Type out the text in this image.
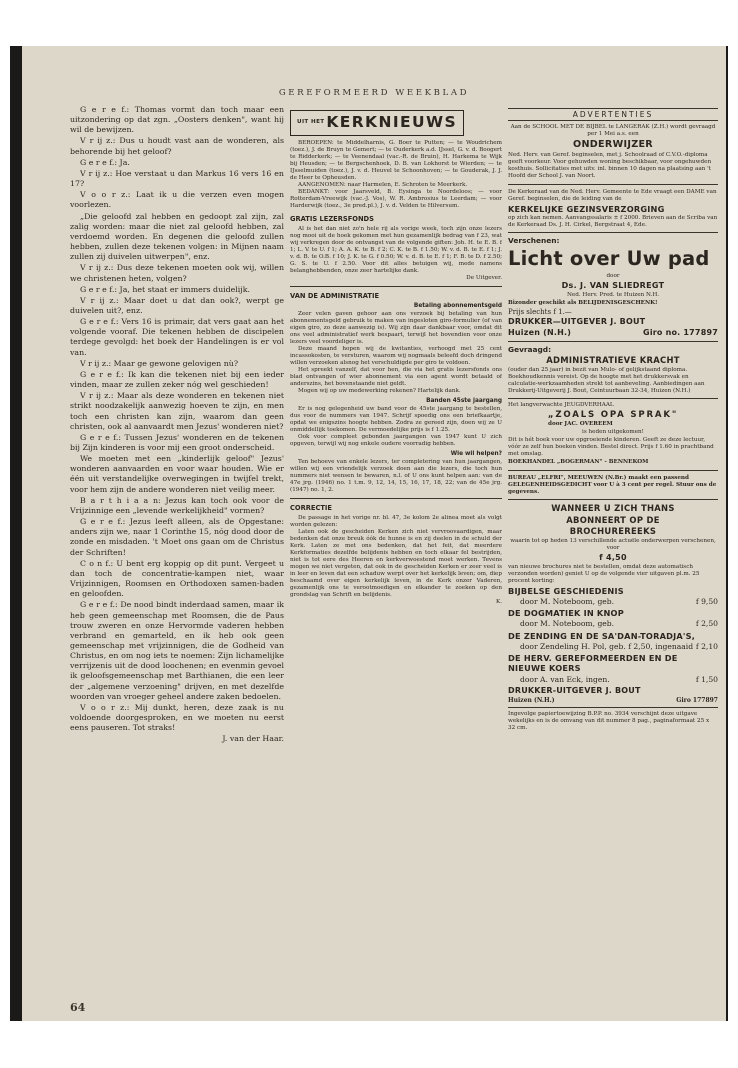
GEREFORMEERD WEEKBLAD

G e r e f.: Thomas vormt dan toch maar een uitzondering op dat zgn. „Oosters denken", want hij wil de bewijzen.

V r ij z.: Dus u houdt vast aan de wonderen, als behorende bij het geloof?

G e r e f.: Ja.

V r ij z.: Hoe verstaat u dan Markus 16 vers 16 en 17?

V o o r z.: Laat ik u die verzen even mogen voorlezen.

„Die geloofd zal hebben en gedoopt zal zijn, zal zalig worden: maar die niet zal geloofd hebben, zal verdoemd worden. En degenen die geloofd zullen hebben, zullen deze tekenen volgen: in Mijnen naam zullen zij duivelen uitwerpen", enz.

V r ij z.: Dus deze tekenen moeten ook wij, willen we christenen heten, volgen?

G e r e f.: Ja, het staat er immers duidelijk.

V r ij z.: Maar doet u dat dan ook?, werpt ge duivelen uit?, enz.

G e r e f.: Vers 16 is primair, dat vers gaat aan het volgende vooraf. Die tekenen hebben de discipelen terdege gevolgd: het boek der Handelingen is er vol van.

V r ij z.: Maar ge gewone gelovigen nù?

G e r e f.: Ik kan die tekenen niet bij een ieder vinden, maar ze zullen zeker nóg wel geschieden!

V r ij z.: Maar als deze wonderen en tekenen niet strikt noodzakelijk aanwezig hoeven te zijn, en men toch een christen kan zijn, waarom dan geen christen, ook al aanvaardt men Jezus' wonderen niet?

G e r e f.: Tussen Jezus' wonderen en de tekenen bij Zijn kinderen is voor mij een groot onderscheid.

We moeten met een „kinderlijk geloof" Jezus' wonderen aanvaarden en voor waar houden. Wie er één uit verstandelijke overwegingen in twijfel trekt, voor hem zijn de andere wonderen niet veilig meer.

B a r t h i a a n: Jezus kan toch ook voor de Vrijzinnige een „levende werkelijkheid" vormen?

G e r e f.: Jezus leeft alleen, als de Opgestane: anders zijn we, naar 1 Corinthe 15, nóg dood door de zonde en misdaden. 't Moet ons gaan om de Christus der Schriften!

C o n f.: U bent erg koppig op dit punt. Vergeet u dan toch de concentratie-kampen niet, waar Vrijzinnigen, Roomsen en Orthodoxen samen-baden en geloofden.

G e r e f.: De nood bindt inderdaad samen, maar ik heb geen gemeenschap met Roomsen, die de Paus trouw zweren en onze Hervormde vaderen hebben verbrand en gemarteld, en ik heb ook geen gemeenschap met vrijzinnigen, die de Godheid van Christus, en om nog iets te noemen: Zijn lichamelijke verrijzenis uit de dood loochenen; en evenmin gevoel ik geloofsgemeenschap met Barthianen, die een leer der „algemene verzoening" drijven, en met dezelfde woorden van vroeger geheel andere zaken bedoelen.

V o o r z.: Mij dunkt, heren, deze zaak is nu voldoende doorgesproken, en we moeten nu eerst eens pauseren. Tot straks!

J. van der Haar.

UIT HET KERKNIEUWS

BEROEPEN: te Middelharnis, G. Boer te Putten; — te Woudrichem (toez.), J. de Bruyn te Gemert; — te Ouderkerk a.d. IJssel, G. v. d. Boogert te Ridderkerk; — te Veenendaal (vac.-R. de Bruin), H. Harkema te Wijk bij Heusden; — te Bergschenhoek, D. B. van Lokhorst te Wierden; — te IJsselmuiden (toez.), J. v. d. Heuvel te Schoonhoven; — te Gouderak, J. J. de Heer te Opheusden.

AANGENOMEN: naar Harmelen, E. Schroten te Meerkerk.

BEDANKT: voor Jaarsveld, B. Eysinga te Noordeloos; — voor Rotterdam-Vreewijk (vac.-J. Vos), W. R. Ambrosius te Leerdam; — voor Harderwijk (toez., 3e pred.pl.), J. v. d. Velden te Hilversum.

GRATIS LEZERSFONDS

Al is het dan niet zo'n hele rij als vorige week, toch zijn onze lezers nog mooi uit de hoek gekomen met hun gezamenlijk bedrag van f 23, wat wij verkregen door de ontvangst van de volgende giften: Joh. H. te E. B. f 1; L. V. te U. f 1; A. A. K. te B. f 2; C. K. te B. f 1.50; W. v. d. B. te E. f 1; J. v. d. B. te O.B. f 10; J. K. te G. f 0.50; W. v. d. B. te E. f 1; F. B. te D. f 2.50; G. S. te U. f 2.50. Voor dit alles betuigen wij, mede namens belanghebbenden, onze zeer hartelijke dank.

De Uitgever.

VAN DE ADMINISTRATIE
Betaling abonnementsgeld

Zeer velen gaven gehoor aan ons verzoek bij betaling van hun abonnementsgeld gebruik te maken van ingesloten giro-formulier (of van eigen giro, zo deze aanwezig is). Wij zijn daar dankbaar voor, omdat dit ons veel administratief werk bespaart, terwijl het bovendien voor onze lezers veel voordeliger is.

Deze maand hopen wij de kwitanties, verhoogd met 25 cent incassokosten, te versturen, waarom wij nogmaals beleefd doch dringend willen verzoeken alsnog het verschuldigde per giro te voldoen.

Het spreekt vanzelf, dat voor hen, die via het gratis lezersfonds ons blad ontvangen of wier abonnement via een agent wordt betaald of anderszins, het bovenstaande niet geldt.

Mogen wij op uw medewerking rekenen? Hartelijk dank.

Banden 45ste jaargang

Er is nog gelegenheid uw band voor de 45ste jaargang te bestellen, dus voor de nummers van 1947. Schrijf spoedig ons een briefkaartje, opdat we enigszins hoogte hebben. Zodra ze gereed zijn, doen wij ze U onmiddellijk toekomen. De vermoedelijke prijs is f 1.25.

Ook voor compleet gebonden jaargangen van 1947 kunt U zich opgeven, terwijl wij nog enkele oudere voorradig hebben.

Wie wil helpen?

Ten behoeve van enkele lezers, ter completering van hun jaargangen, willen wij een vriendelijk verzoek doen aan die lezers, die toch hun nummers niet wensen te bewaren, n.l. of U ons kunt helpen aan: van de 47e jrg. (1946) no. 1 t.m. 9, 12, 14, 15, 16, 17, 18, 22; van de 45e jrg. (1947) no. 1, 2.

CORRECTIE

De passage in het vorige nr. bl. 47, 3e kolom 2e alinea moet als volgt worden gelezen:

Laten ook de gescheiden Kerken zich niet vervroovaardigen, maar bedenken dat onze breuk óók de hunne is en zij deelen in de schuld der Kerk. Laten ze met ons bedenken, dat het feit, dat meerdere Kerkformaties dezelfde belijdenis hebben en toch elkaar fel bestrijden, niet is tot eere des Heeren en kerkverwoestend moet werken. Tevens mogen we niet vergeten, dat ook in de gescheiden Kerken er zeer veel is in leer en leven dat een schaduw werpt over het kerkelijk leven; om, diep beschaamd over eigen kerkelijk leven, in de Kerk onzer Vaderen, gezamenlijk ons te verootmoedigen en elkander te zoeken op den grondslag van Schrift en belijdenis.

K.

ADVERTENTIES

Aan de SCHOOL MET DE BIJBEL te LANGERAK (Z.H.) wordt gevraagd per 1 Mei a.s. een

ONDERWIJZER

Ned. Herv. van Geref. beginselen, met j. Schoolraad of C.V.O.-diploma geeft voorkeur. Voor gehuwden woning beschikbaar, voor ongehuwden kosthuis. Sollicitaties met uitv. inl. binnen 10 dagen na plaatsing aan 't Hoofd der School J. van Noort.

De Kerkeraad van de Ned. Herv. Gemeente te Ede vraagt een DAME van Geref. beginselen, die de leiding van de

KERKELIJKE GEZINSVERZORGING

op zich kan nemen. Aanvangssalaris ± f 2000. Brieven aan de Scriba van de Kerkeraad Ds. J. H. Cirkel, Bergstraat 4, Ede.

Verschenen:
Licht over Uw pad

door

Ds. J. VAN SLIEDREGT

Ned. Herv. Pred. te Huizen N.H.

Bizonder geschikt als BELIJDENISGESCHENK!

Prijs slechts f 1.—

DRUKKER—UITGEVER J. BOUT
Huizen (N.H.)	Giro no. 177897
Gevraagd:
ADMINISTRATIEVE KRACHT

(ouder dan 25 jaar) in bezit van Mulo- of gelijkstaand diploma. Boekhoudkennis vereist. Op de hoogte met het drukkersvak en calculatie-werkzaamheden strekt tot aanbeveling. Aanbiedingen aan Drukkerij-Uitgeverij J. Bout, Ceintuurbaan 32-34, Huizen (N.H.)

Het langverwachte JEUGDVERHAAL

„ZOALS OPA SPRAK"

door JAC. OVEREEM

is heden uitgekomen!

Dit is hét boek voor uw opgroeiende kinderen. Geeft ze deze lectuur, vóór ze zelf hun boeken vinden. Bestel direct. Prijs f 1.60 in prachtband met omslag.

BOEKHANDEL „BOGERMAN" - BENNEKOM

BUREAU „ELFRI", MEEUWEN (N.Br.) maakt een passend GELEGENHEIDSGEDICHT voor U à 3 cent per regel. Stuur ons de gegevens.

WANNEER U ZICH THANS
ABONNEERT OP DE
BROCHUREREEKS

waarin tot op heden 13 verschillende actuële onderwerpen verschenen, voor

f 4,50

van nieuwe brochures niet te bestellen, omdat deze automatisch verzonden worden) geniet U op de volgende vier uitgaven pl.m. 25 procent korting:

BIJBELSE GESCHIEDENIS
door M. Noteboom, geb.	f 9,50
DE DOGMATIEK IN KNOP
door M. Noteboom, geb.	f 2,50
DE ZENDING EN DE SA'DAN-TORADJA'S,
door Zendeling H. Pol, geb. f 2,50, ingenaaid f 2,10
DE HERV. GEREFORMEERDEN EN DE NIEUWE KOERS
door A. van Eck, ingen.	f 1,50
DRUKKER-UITGEVER J. BOUT
Huizen (N.H.)	Giro 177897

Ingevolge papiertoewijzing B.P.P. no. 3934 verschijnt deze uitgave wekelijks en is de omvang van dit nummer 8 pag., paginaformaat 25 x 32 cm.

64
